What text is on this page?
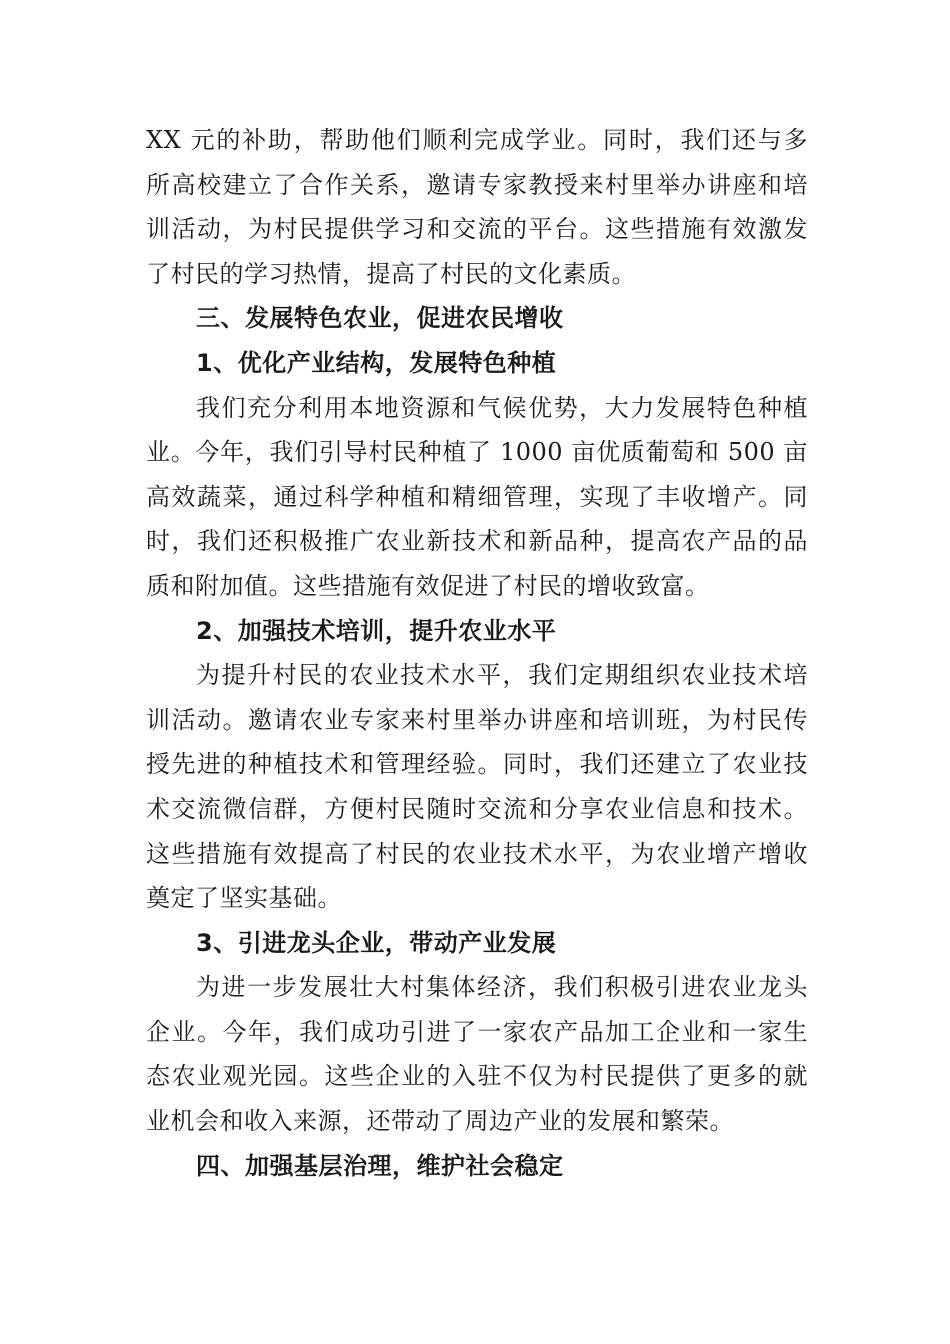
XX 元的补助，帮助他们顺利完成学业。同时，我们还与多
所高校建立了合作关系，邀请专家教授来村里举办讲座和培
训活动，为村民提供学习和交流的平台。这些措施有效激发
了村民的学习热情，提高了村民的文化素质。
三、发展特色农业，促进农民增收
1、优化产业结构，发展特色种植
我们充分利用本地资源和气候优势，大力发展特色种植
业。今年，我们引导村民种植了 1000 亩优质葡萄和 500 亩
高效蔬菜，通过科学种植和精细管理，实现了丰收增产。同
时，我们还积极推广农业新技术和新品种，提高农产品的品
质和附加值。这些措施有效促进了村民的增收致富。
2、加强技术培训，提升农业水平
为提升村民的农业技术水平，我们定期组织农业技术培
训活动。邀请农业专家来村里举办讲座和培训班，为村民传
授先进的种植技术和管理经验。同时，我们还建立了农业技
术交流微信群，方便村民随时交流和分享农业信息和技术。
这些措施有效提高了村民的农业技术水平，为农业增产增收
奠定了坚实基础。
3、引进龙头企业，带动产业发展
为进一步发展壮大村集体经济，我们积极引进农业龙头
企业。今年，我们成功引进了一家农产品加工企业和一家生
态农业观光园。这些企业的入驻不仅为村民提供了更多的就
业机会和收入来源，还带动了周边产业的发展和繁荣。
四、加强基层治理，维护社会稳定
